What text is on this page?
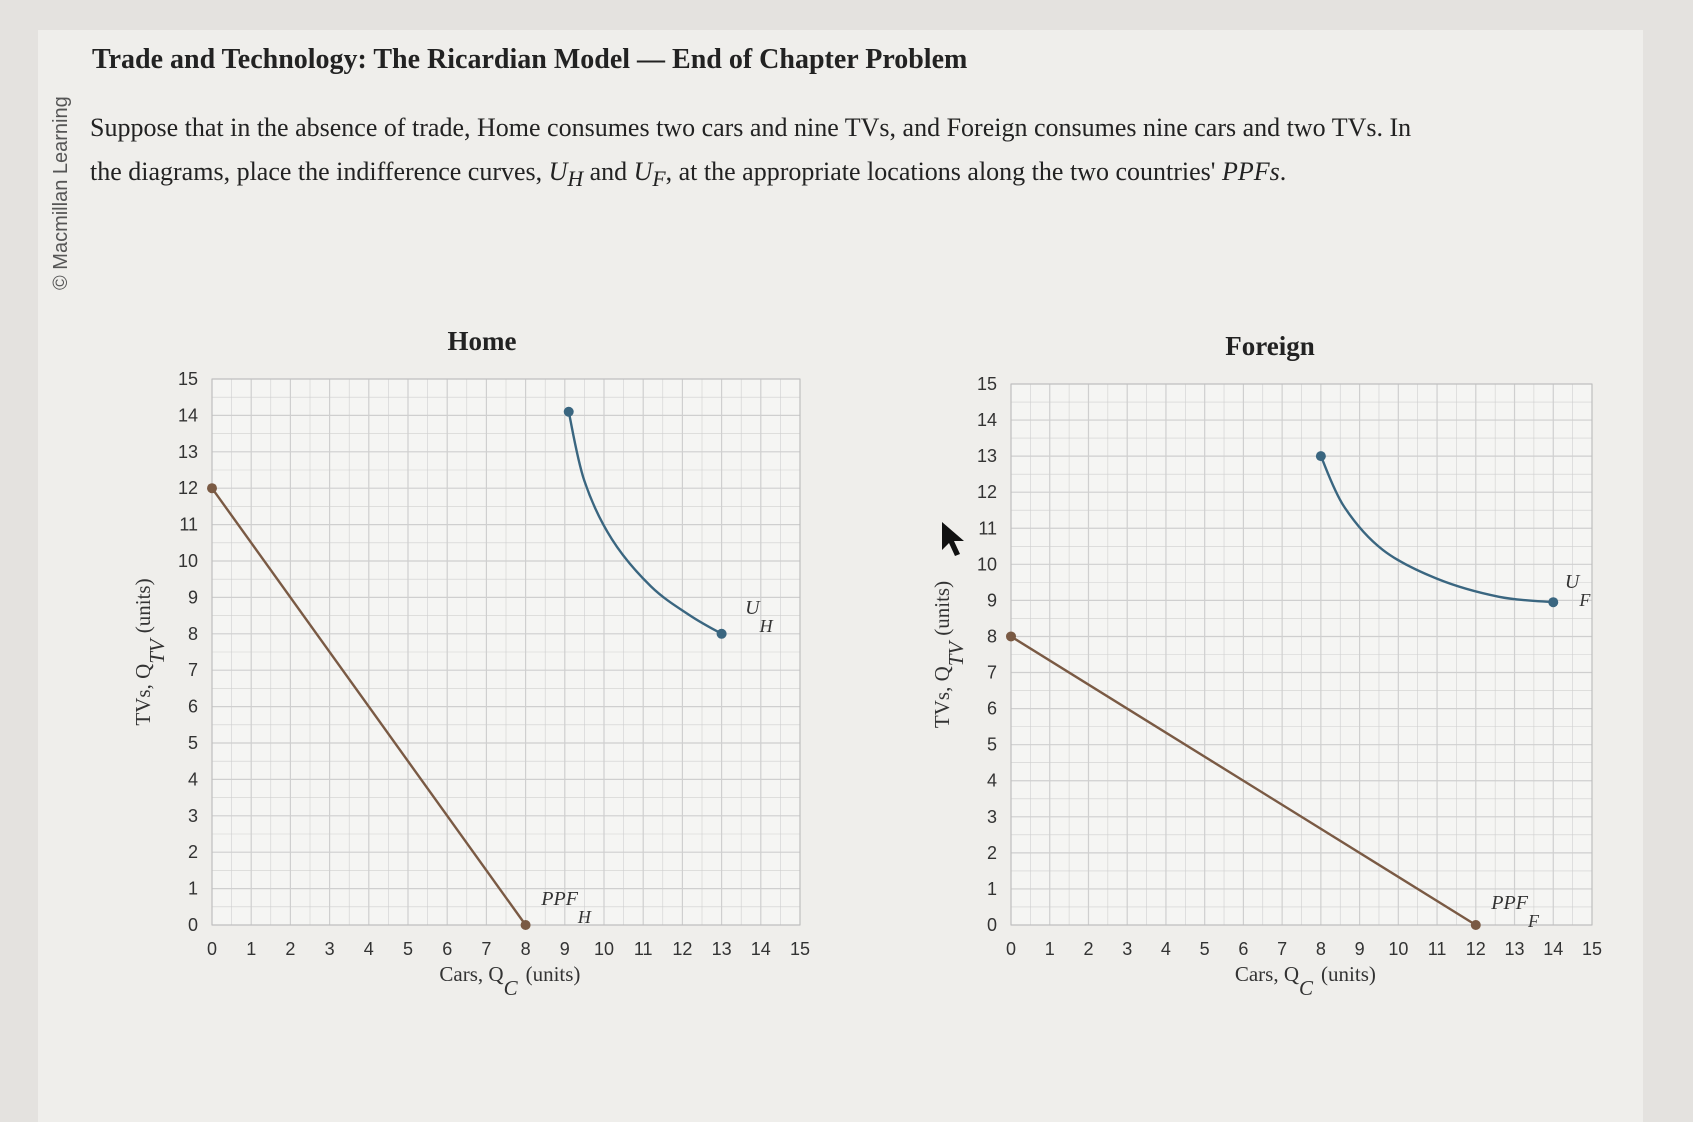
© Macmillan Learning
Trade and Technology: The Ricardian Model — End of Chapter Problem
Suppose that in the absence of trade, Home consumes two cars and nine TVs, and Foreign consumes nine cars and two TVs. In
the diagrams, place the indifference curves, $U_H$ and $U_F$, at the appropriate locations along the two countries' PPFs.
0 1 2 3 4 5 6 7 8 9 10 11 12 13 14 15
0
1
2
3
4
5
6
7
8
9
10
11
12
13
14
15
Home
Cars, QC(units)
TVs, QTV(units)
PPFH
UH
0 1 2 3 4 5 6 7 8 9 10 11 12 13 14 15
0
1
2
3
4
5
6
7
8
9
10
11
12
13
14
15
Foreign
Cars, QC(units)
TVs, QTV(units)
PPFF
UF
